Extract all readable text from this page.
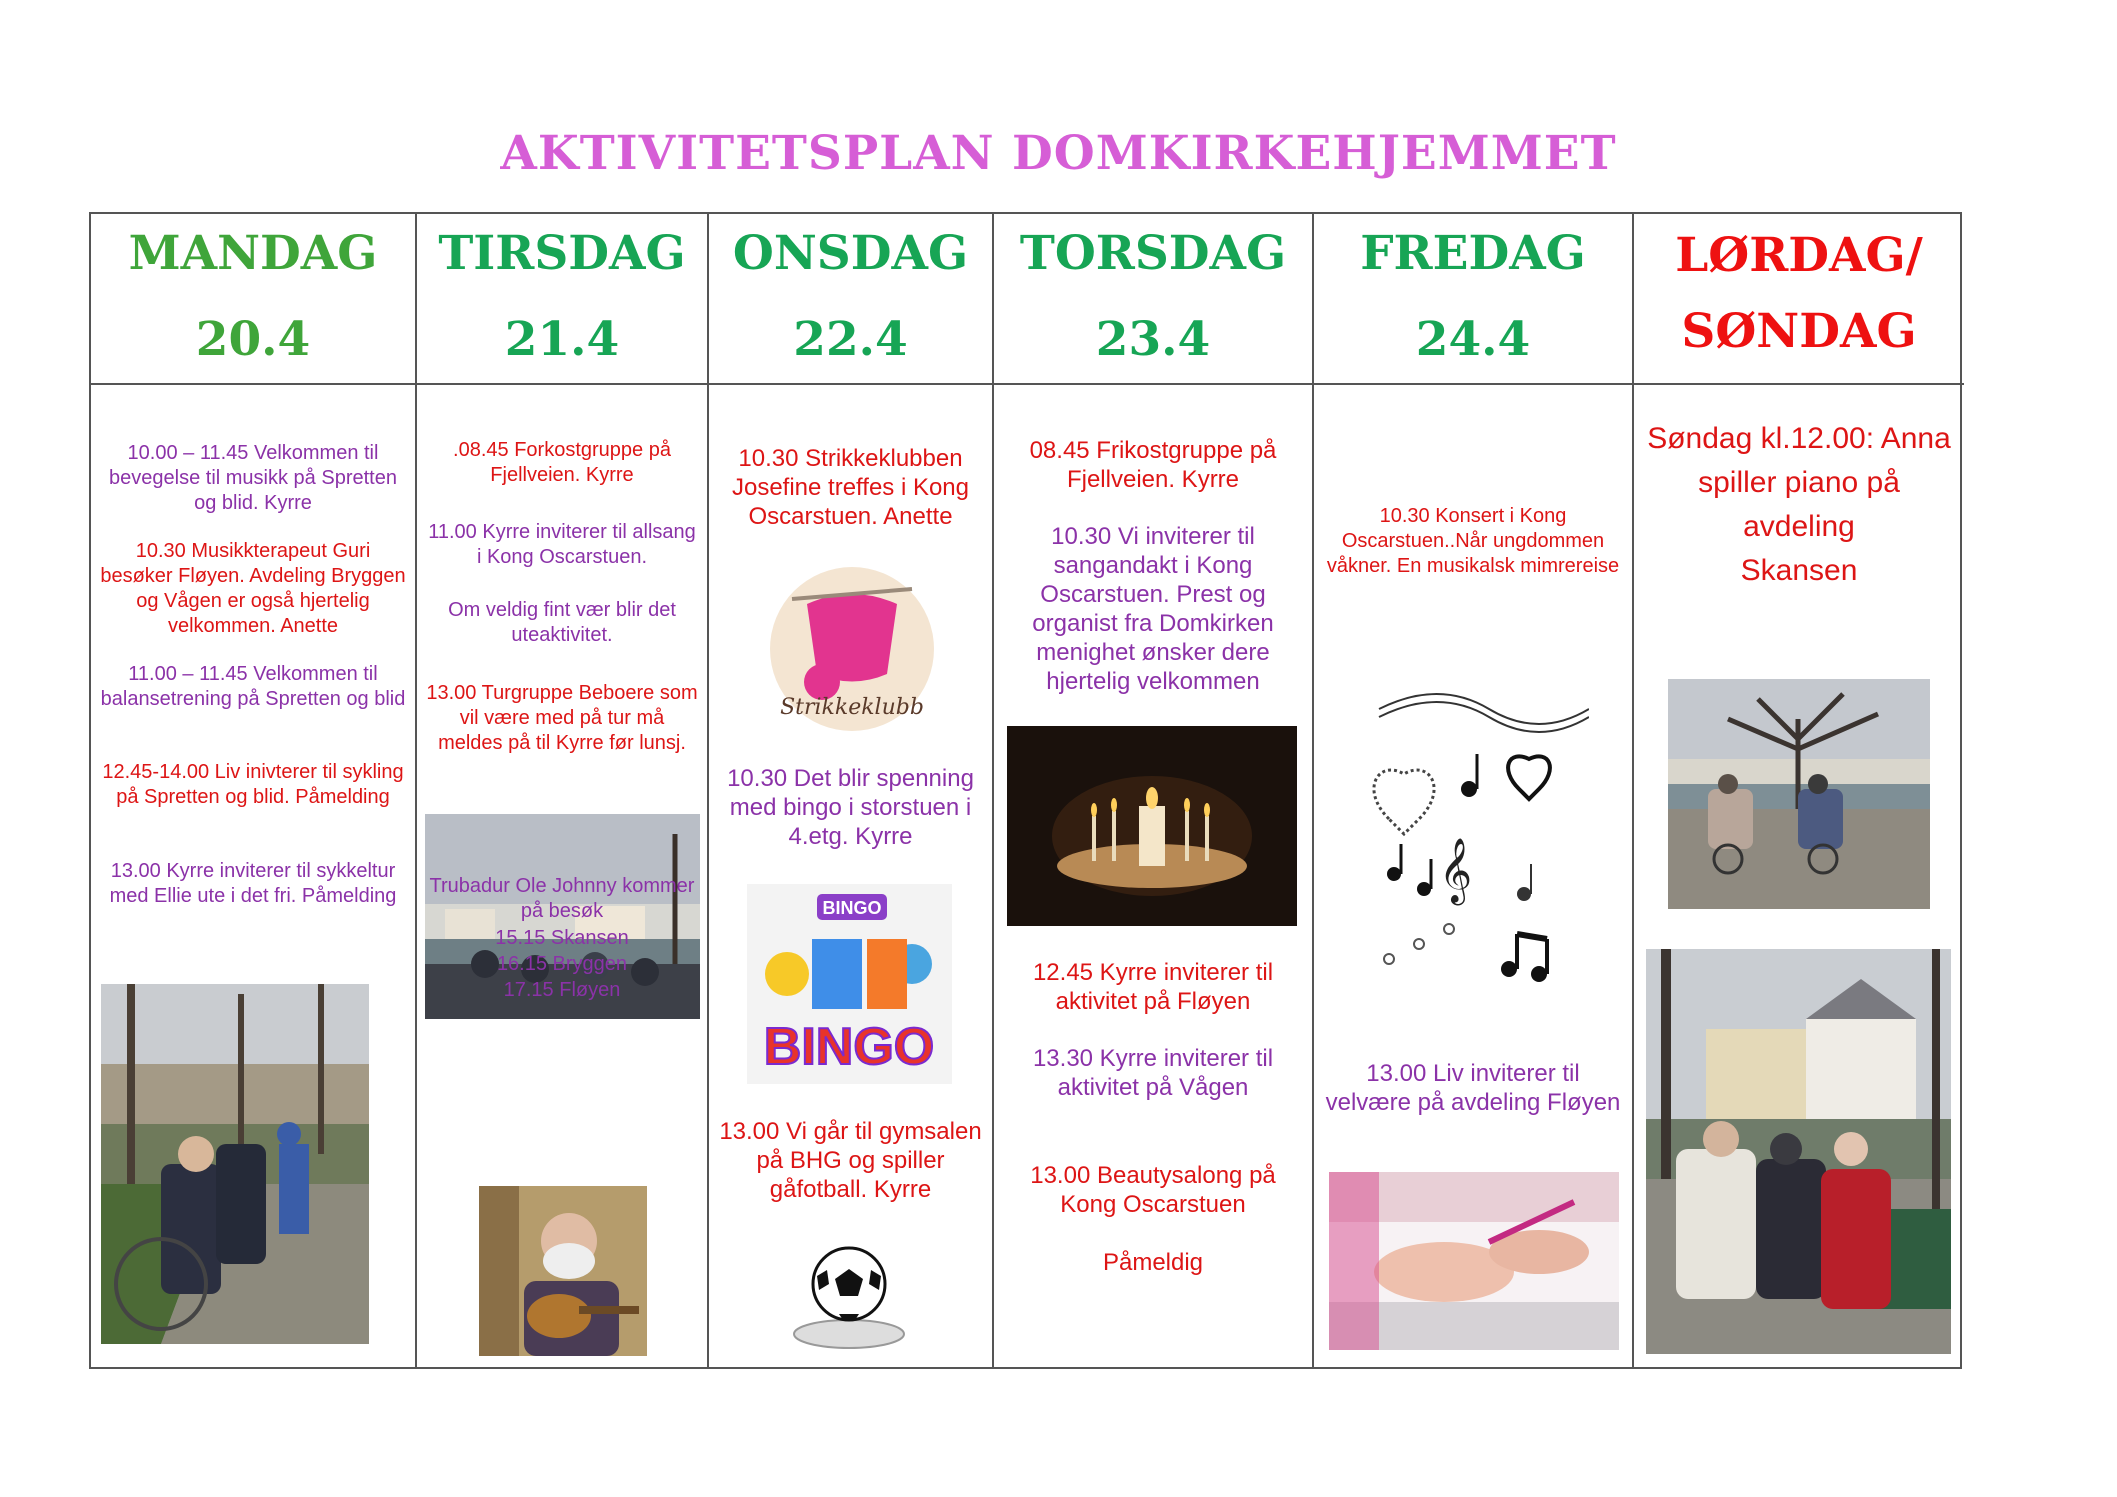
AKTIVITETSPLAN DOMKIRKEHJEMMET
MANDAG
20.4
10.00 – 11.45 Velkommen til bevegelse til musikk på Spretten og blid. Kyrre
10.30 Musikkterapeut Guri besøker Fløyen. Avdeling Bryggen og Vågen er også hjertelig velkommen. Anette
11.00 – 11.45 Velkommen til balansetrening på Spretten og blid
12.45-14.00 Liv inivterer til sykling på Spretten og blid. Påmelding
13.00 Kyrre inviterer til sykkeltur med Ellie ute i det fri. Påmelding
TIRSDAG
21.4
.08.45 Forkostgruppe på Fjellveien. Kyrre
11.00 Kyrre inviterer til allsang i Kong Oscarstuen.
Om veldig fint vær blir det uteaktivitet.
13.00 Turgruppe Beboere som vil være med på tur må meldes på til Kyrre før lunsj.
Trubadur Ole Johnny kommer på besøk
15.15 Skansen
16.15 Bryggen
17.15 Fløyen
ONSDAG
22.4
10.30 Strikkeklubben Josefine treffes i Kong Oscarstuen. Anette
Strikkeklubb
10.30 Det blir spenning med bingo i storstuen i 4.etg. Kyrre
BINGO
BINGO
13.00 Vi går til gymsalen på BHG og spiller gåfotball. Kyrre
TORSDAG
23.4
08.45 Frikostgruppe på Fjellveien. Kyrre
10.30 Vi inviterer til sangandakt i Kong Oscarstuen. Prest og organist fra Domkirken menighet ønsker dere hjertelig velkommen
12.45 Kyrre inviterer til aktivitet på Fløyen
13.30 Kyrre inviterer til aktivitet på Vågen
13.00 Beautysalong på Kong Oscarstuen
Påmeldig
FREDAG
24.4
10.30 Konsert i Kong Oscarstuen..Når ungdommen våkner. En musikalsk mimrereise
𝄞
13.00 Liv inviterer til velvære på avdeling Fløyen
LØRDAG/
SØNDAG
Søndag kl.12.00: Anna spiller piano på avdeling
Skansen
